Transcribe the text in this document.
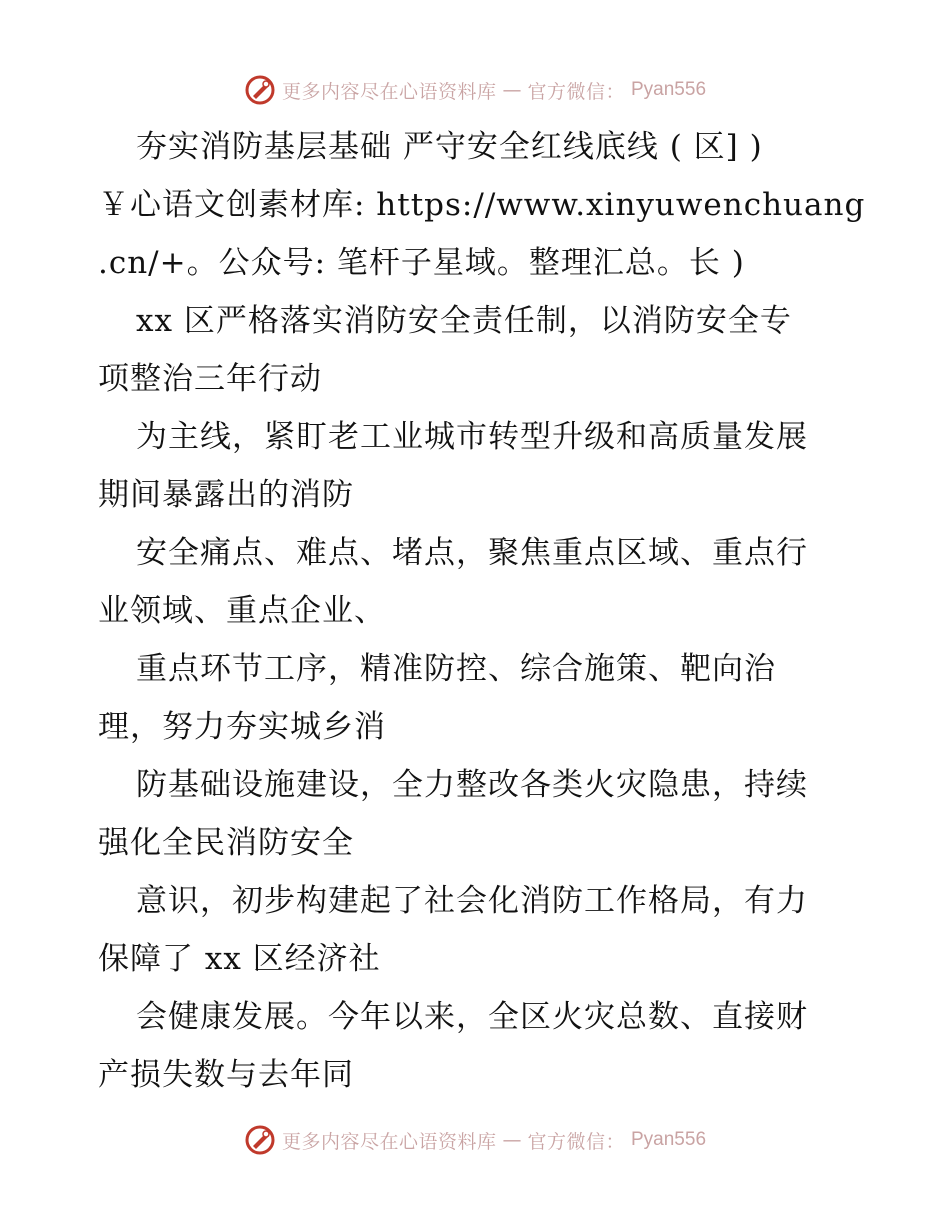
更多内容尽在心语资料库 — 官方微信： Pyan556
夯实消防基层基础 严守安全红线底线 ( 区] )
￥心语文创素材库: https://www.xinyuwenchuang
.cn/+。公众号: 笔杆子星域。整理汇总。长 )
xx 区严格落实消防安全责任制，以消防安全专
项整治三年行动
为主线，紧盯老工业城市转型升级和高质量发展
期间暴露出的消防
安全痛点、难点、堵点，聚焦重点区域、重点行
业领域、重点企业、
重点环节工序，精准防控、综合施策、靶向治
理，努力夯实城乡消
防基础设施建设，全力整改各类火灾隐患，持续
强化全民消防安全
意识，初步构建起了社会化消防工作格局，有力
保障了 xx 区经济社
会健康发展。今年以来，全区火灾总数、直接财
产损失数与去年同
更多内容尽在心语资料库 — 官方微信： Pyan556
